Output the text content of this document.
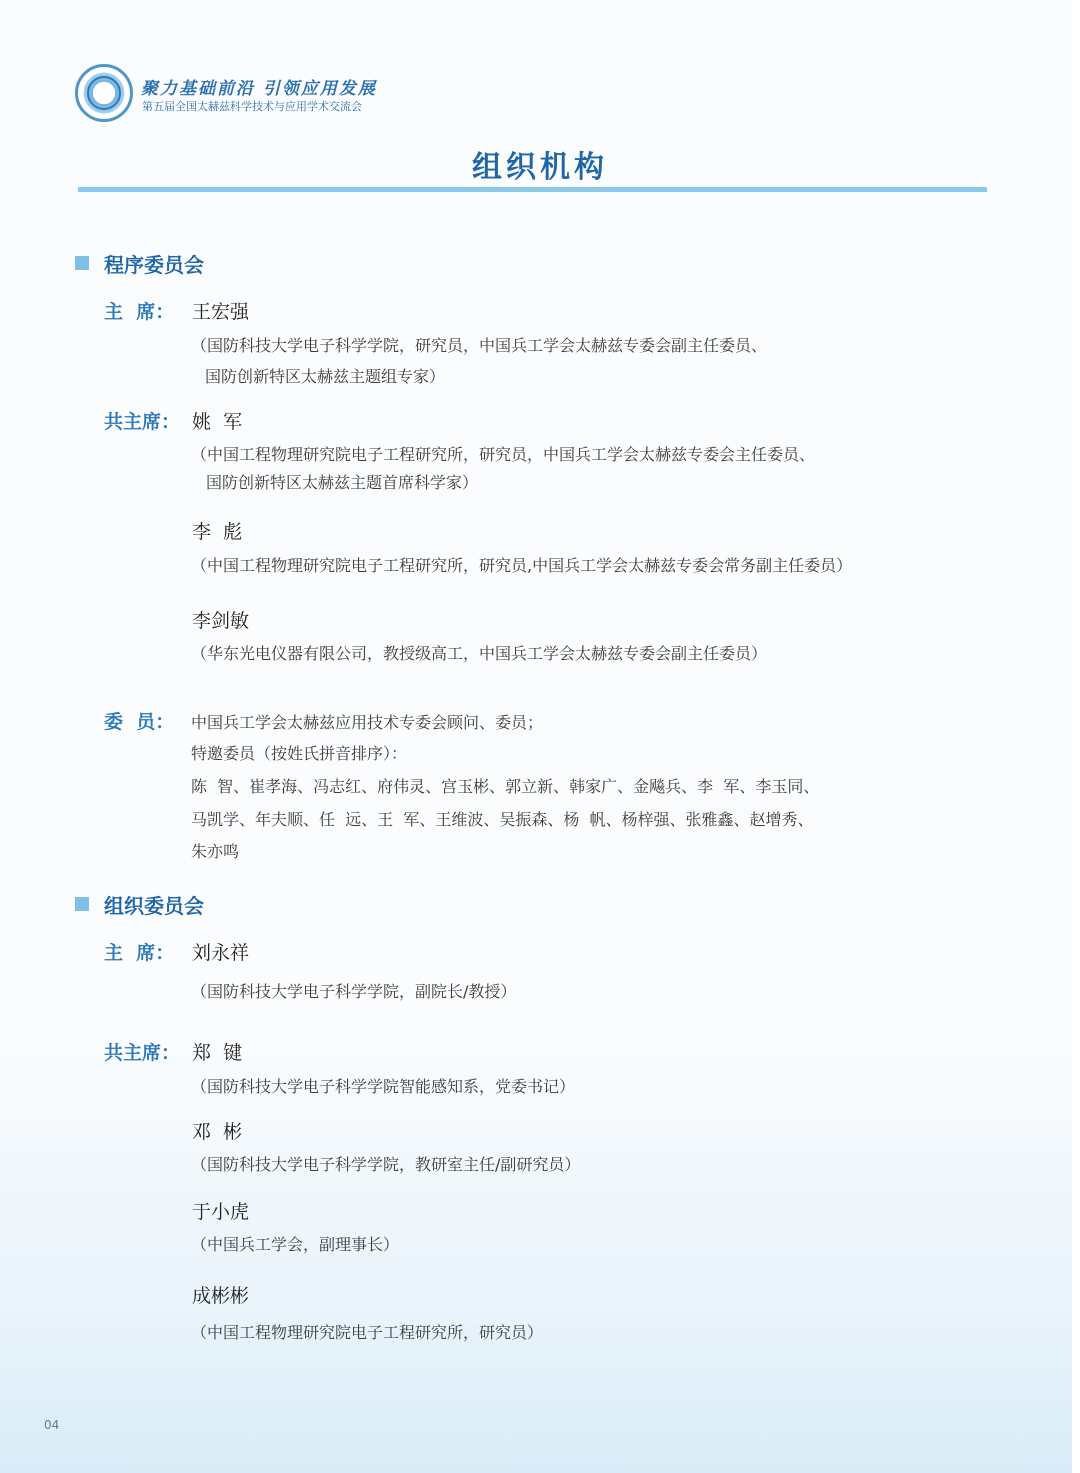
聚力基础前沿 引领应用发展
第五届全国太赫兹科学技术与应用学术交流会
组织机构
程序委员会
主  席： 王宏强
（国防科技大学电子科学学院，研究员，中国兵工学会太赫兹专委会副主任委员、
国防创新特区太赫兹主题组专家）
共主席： 姚  军
（中国工程物理研究院电子工程研究所，研究员，中国兵工学会太赫兹专委会主任委员、
国防创新特区太赫兹主题首席科学家）
李  彪
（中国工程物理研究院电子工程研究所，研究员,中国兵工学会太赫兹专委会常务副主任委员）
李剑敏
（华东光电仪器有限公司，教授级高工，中国兵工学会太赫兹专委会副主任委员）
委  员： 中国兵工学会太赫兹应用技术专委会顾问、委员；
特邀委员（按姓氏拼音排序）：
陈  智、崔孝海、冯志红、府伟灵、宫玉彬、郭立新、韩家广、金飚兵、李  军、李玉同、
马凯学、年夫顺、任  远、王  军、王维波、吴振森、杨  帆、杨梓强、张雅鑫、赵增秀、
朱亦鸣
组织委员会
主  席： 刘永祥
（国防科技大学电子科学学院，副院长/教授）
共主席： 郑  键
（国防科技大学电子科学学院智能感知系，党委书记）
邓  彬
（国防科技大学电子科学学院，教研室主任/副研究员）
于小虎
（中国兵工学会，副理事长）
成彬彬
（中国工程物理研究院电子工程研究所，研究员）
04
